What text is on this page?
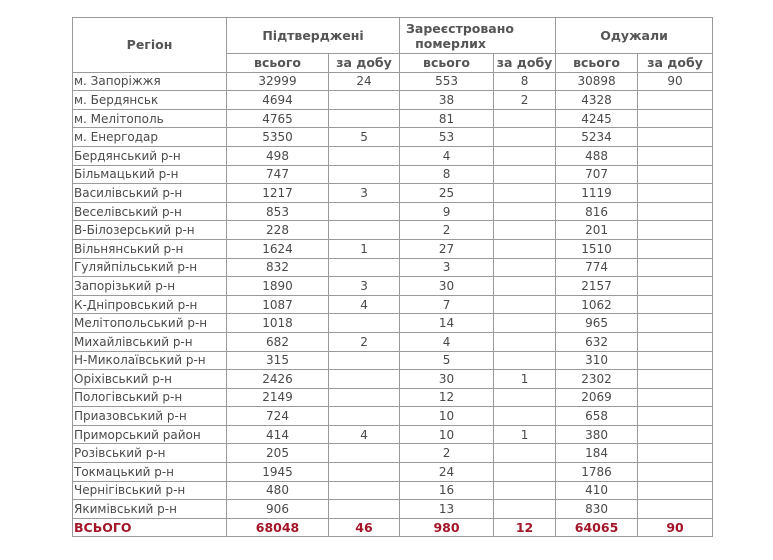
Регіон	Підтверджені		Зареєстровано померлих		Одужали	
	всього	за добу	всього	за добу	всього	за добу
м. Запоріжжя	32999	24	553	8	30898	90
м. Бердянськ	4694		38	2	4328	
м. Мелітополь	4765		81		4245	
м. Енергодар	5350	5	53		5234	
Бердянський р-н	498		4		488	
Більмацький р-н	747		8		707	
Василівський р-н	1217	3	25		1119	
Веселівський р-н	853		9		816	
В-Білозерський р-н	228		2		201	
Вільнянський р-н	1624	1	27		1510	
Гуляйпільський р-н	832		3		774	
Запорізький р-н	1890	3	30		2157	
К-Дніпровський р-н	1087	4	7		1062	
Мелітопольський р-н	1018		14		965	
Михайлівський р-н	682	2	4		632	
Н-Миколаївський р-н	315		5		310	
Оріхівський р-н	2426		30	1	2302	
Пологівський р-н	2149		12		2069	
Приазовський р-н	724		10		658	
Приморський район	414	4	10	1	380	
Розівський р-н	205		2		184	
Токмацький р-н	1945		24		1786	
Чернігівський р-н	480		16		410	
Якимівський р-н	906		13		830	
ВСЬОГО	68048	46	980	12	64065	90
